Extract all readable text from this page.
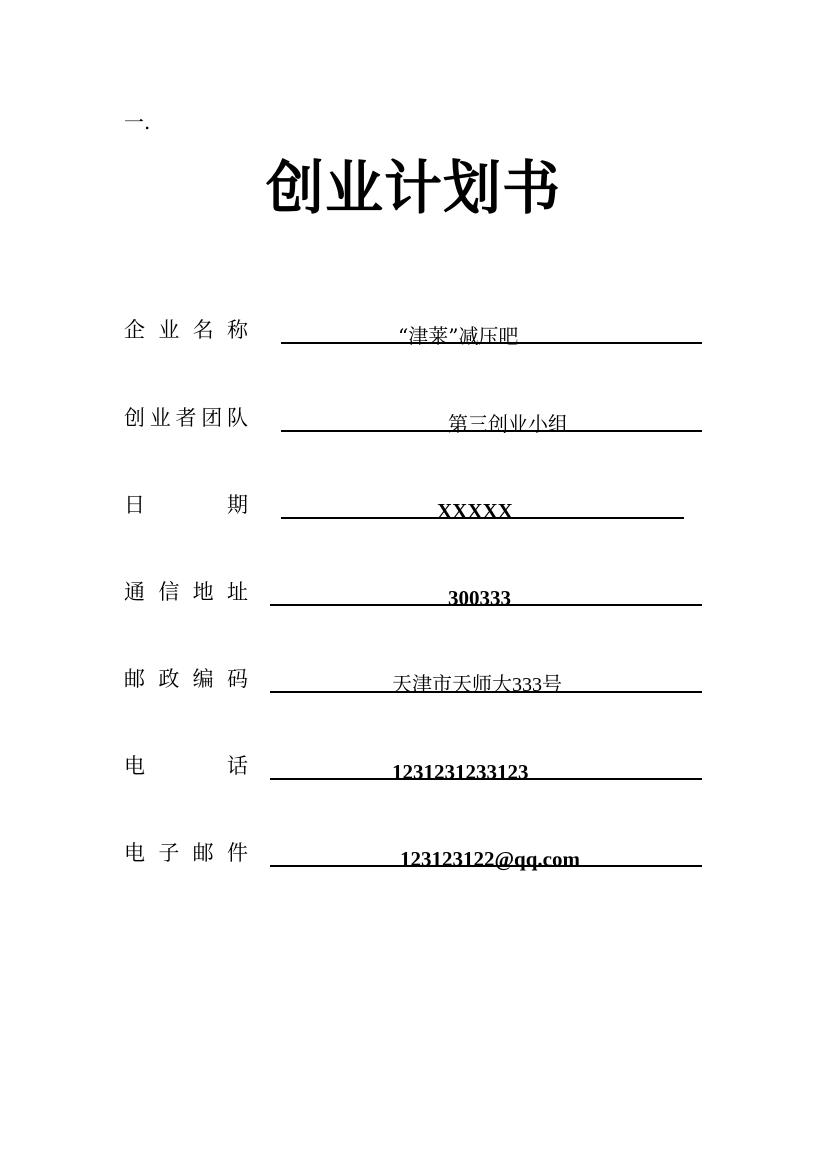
一.
创业计划书
企 业 名 称	“津莱”减压吧
创 业 者 团 队	第三创业小组
日	期	XXXXX
通 信 地 址	300333
邮 政 编 码	天津市天师大333号
电	话	1231231233123
电 子 邮 件	123123122@qq.com
